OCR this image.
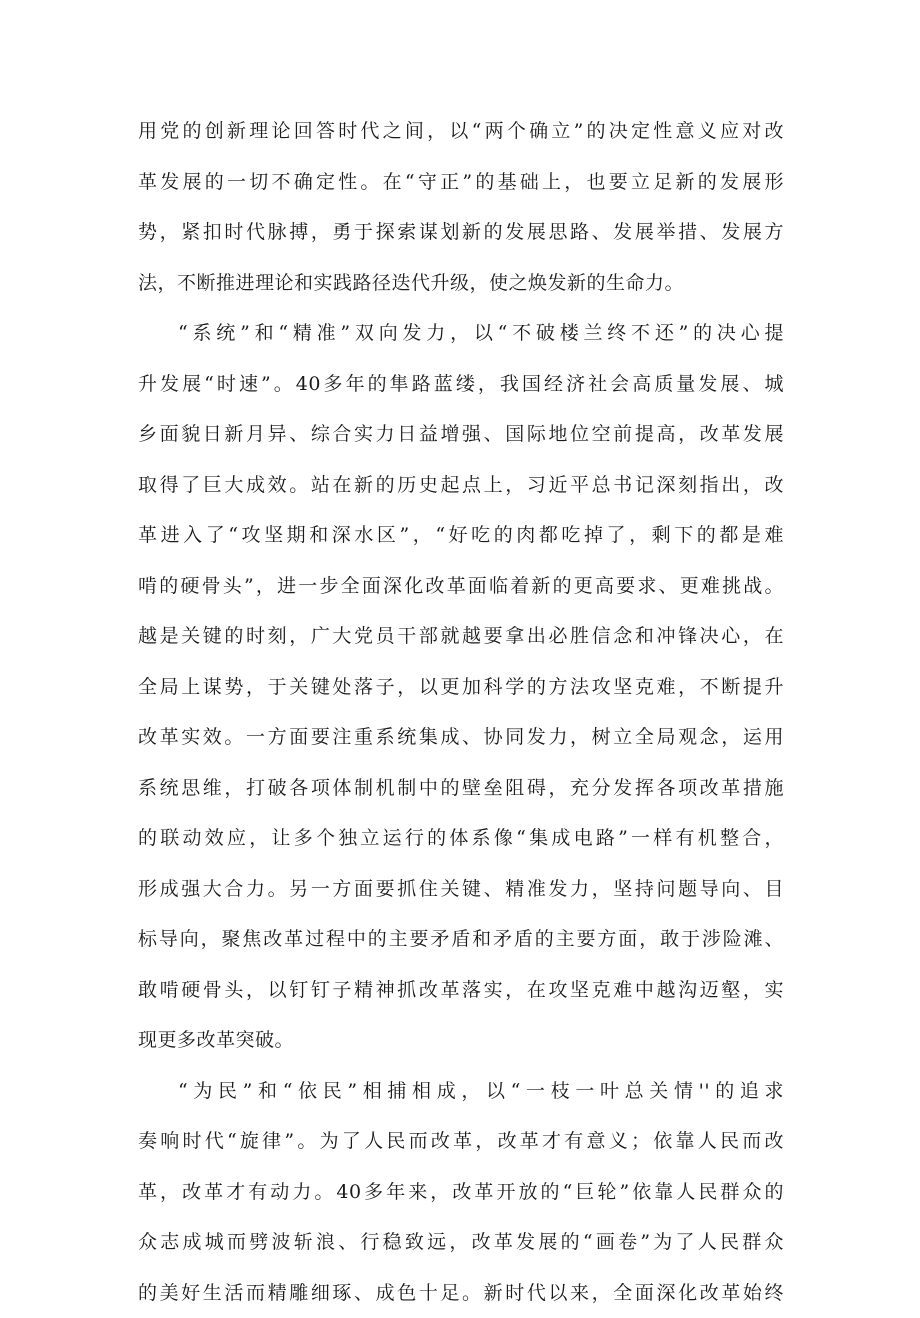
用党的创新理论回答时代之间，以“两个确立”的决定性意义应对改
革发展的一切不确定性。在“守正”的基础上，也要立足新的发展形
势，紧扣时代脉搏，勇于探索谋划新的发展思路、发展举措、发展方
法，不断推进理论和实践路径迭代升级，使之焕发新的生命力。
“系统”和“精准”双向发力，以“不破楼兰终不还”的决心提
升发展“时速”。40多年的隼路蓝缕，我国经济社会高质量发展、城
乡面貌日新月异、综合实力日益增强、国际地位空前提高，改革发展
取得了巨大成效。站在新的历史起点上，习近平总书记深刻指出，改
革进入了“攻坚期和深水区”，“好吃的肉都吃掉了，剩下的都是难
啃的硬骨头”，进一步全面深化改革面临着新的更高要求、更难挑战。
越是关键的时刻，广大党员干部就越要拿出必胜信念和冲锋决心，在
全局上谋势，于关键处落子，以更加科学的方法攻坚克难，不断提升
改革实效。一方面要注重系统集成、协同发力，树立全局观念，运用
系统思维，打破各项体制机制中的壁垒阻碍，充分发挥各项改革措施
的联动效应，让多个独立运行的体系像“集成电路”一样有机整合，
形成强大合力。另一方面要抓住关键、精准发力，坚持问题导向、目
标导向，聚焦改革过程中的主要矛盾和矛盾的主要方面，敢于涉险滩、
敢啃硬骨头，以钉钉子精神抓改革落实，在攻坚克难中越沟迈壑，实
现更多改革突破。
“为民”和“依民”相捕相成，以“一枝一叶总关情''的追求
奏响时代“旋律”。为了人民而改革，改革才有意义；依靠人民而改
革，改革才有动力。40多年来，改革开放的“巨轮”依靠人民群众的
众志成城而劈波斩浪、行稳致远，改革发展的“画卷”为了人民群众
的美好生活而精雕细琢、成色十足。新时代以来，全面深化改革始终
